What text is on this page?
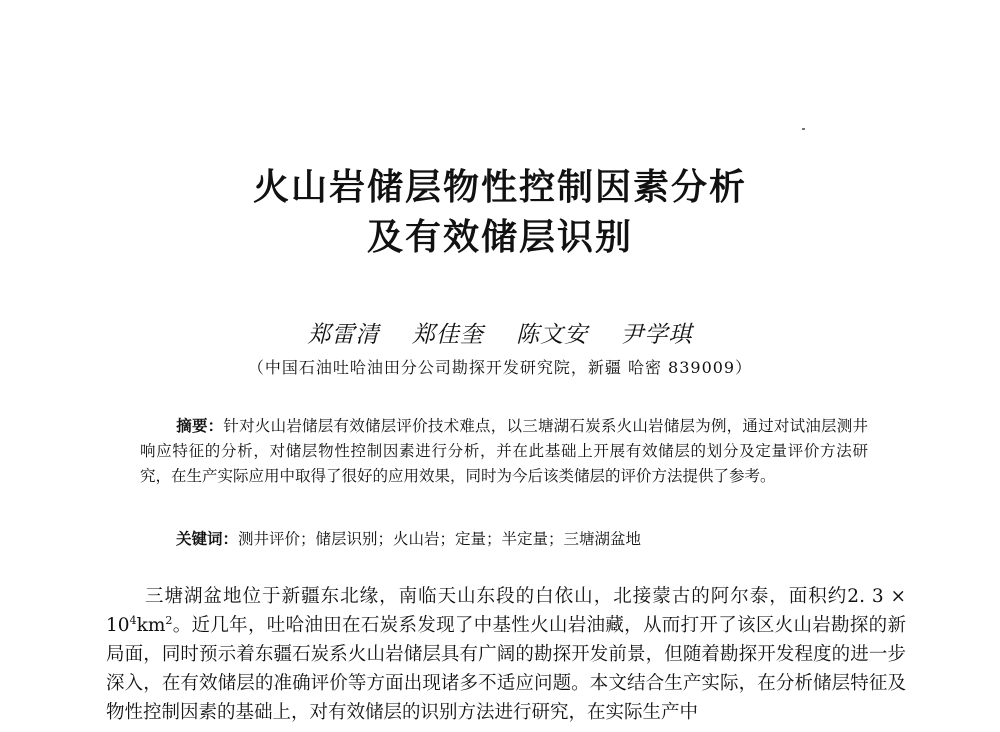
火山岩储层物性控制因素分析
及有效储层识别
郑雷清 郑佳奎 陈文安 尹学琪
（中国石油吐哈油田分公司勘探开发研究院，新疆 哈密 839009）

摘要：针对火山岩储层有效储层评价技术难点，以三塘湖石炭系火山岩储层为例，通过对试油层测井响应特征的分析，对储层物性控制因素进行分析，并在此基础上开展有效储层的划分及定量评价方法研究，在生产实际应用中取得了很好的应用效果，同时为今后该类储层的评价方法提供了参考。

关键词：测井评价；储层识别；火山岩；定量；半定量；三塘湖盆地

三塘湖盆地位于新疆东北缘，南临天山东段的白依山，北接蒙古的阿尔泰，面积约2. $3 \times 10^4km^2$。近几年，吐哈油田在石炭系发现了中基性火山岩油藏，从而打开了该区火山岩勘探的新局面，同时预示着东疆石炭系火山岩储层具有广阔的勘探开发前景，但随着勘探开发程度的进一步深入，在有效储层的准确评价等方面出现诸多不适应问题。本文结合生产实际，在分析储层特征及物性控制因素的基础上，对有效储层的识别方法进行研究，在实际生产中
